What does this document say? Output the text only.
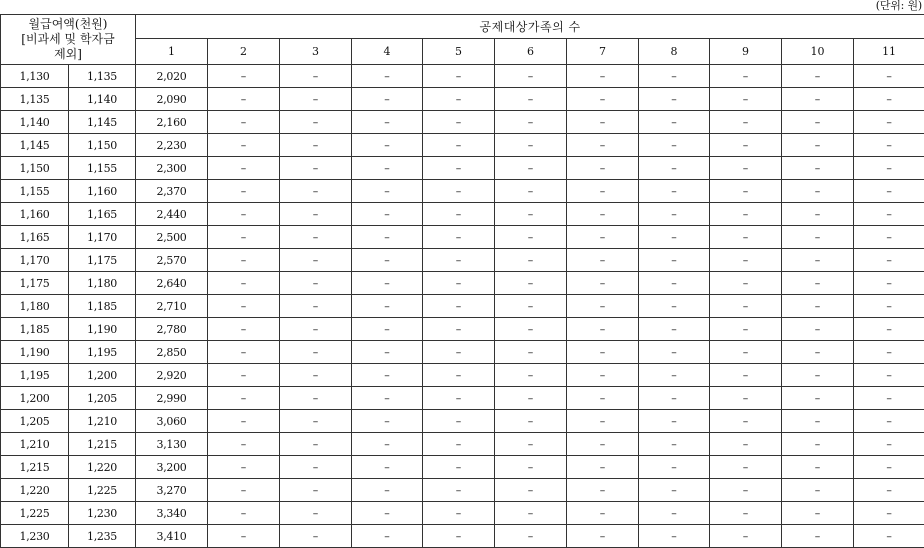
(단위: 원)
월급여액(천원)
[비과세 및 학자금
제외]		공제대상가족의 수										
		1	2	3	4	5	6	7	8	9	10	11
1,130	1,135	2,020	–	–	–	–	–	–	–	–	–	–
1,135	1,140	2,090	–	–	–	–	–	–	–	–	–	–
1,140	1,145	2,160	–	–	–	–	–	–	–	–	–	–
1,145	1,150	2,230	–	–	–	–	–	–	–	–	–	–
1,150	1,155	2,300	–	–	–	–	–	–	–	–	–	–
1,155	1,160	2,370	–	–	–	–	–	–	–	–	–	–
1,160	1,165	2,440	–	–	–	–	–	–	–	–	–	–
1,165	1,170	2,500	–	–	–	–	–	–	–	–	–	–
1,170	1,175	2,570	–	–	–	–	–	–	–	–	–	–
1,175	1,180	2,640	–	–	–	–	–	–	–	–	–	–
1,180	1,185	2,710	–	–	–	–	–	–	–	–	–	–
1,185	1,190	2,780	–	–	–	–	–	–	–	–	–	–
1,190	1,195	2,850	–	–	–	–	–	–	–	–	–	–
1,195	1,200	2,920	–	–	–	–	–	–	–	–	–	–
1,200	1,205	2,990	–	–	–	–	–	–	–	–	–	–
1,205	1,210	3,060	–	–	–	–	–	–	–	–	–	–
1,210	1,215	3,130	–	–	–	–	–	–	–	–	–	–
1,215	1,220	3,200	–	–	–	–	–	–	–	–	–	–
1,220	1,225	3,270	–	–	–	–	–	–	–	–	–	–
1,225	1,230	3,340	–	–	–	–	–	–	–	–	–	–
1,230	1,235	3,410	–	–	–	–	–	–	–	–	–	–
